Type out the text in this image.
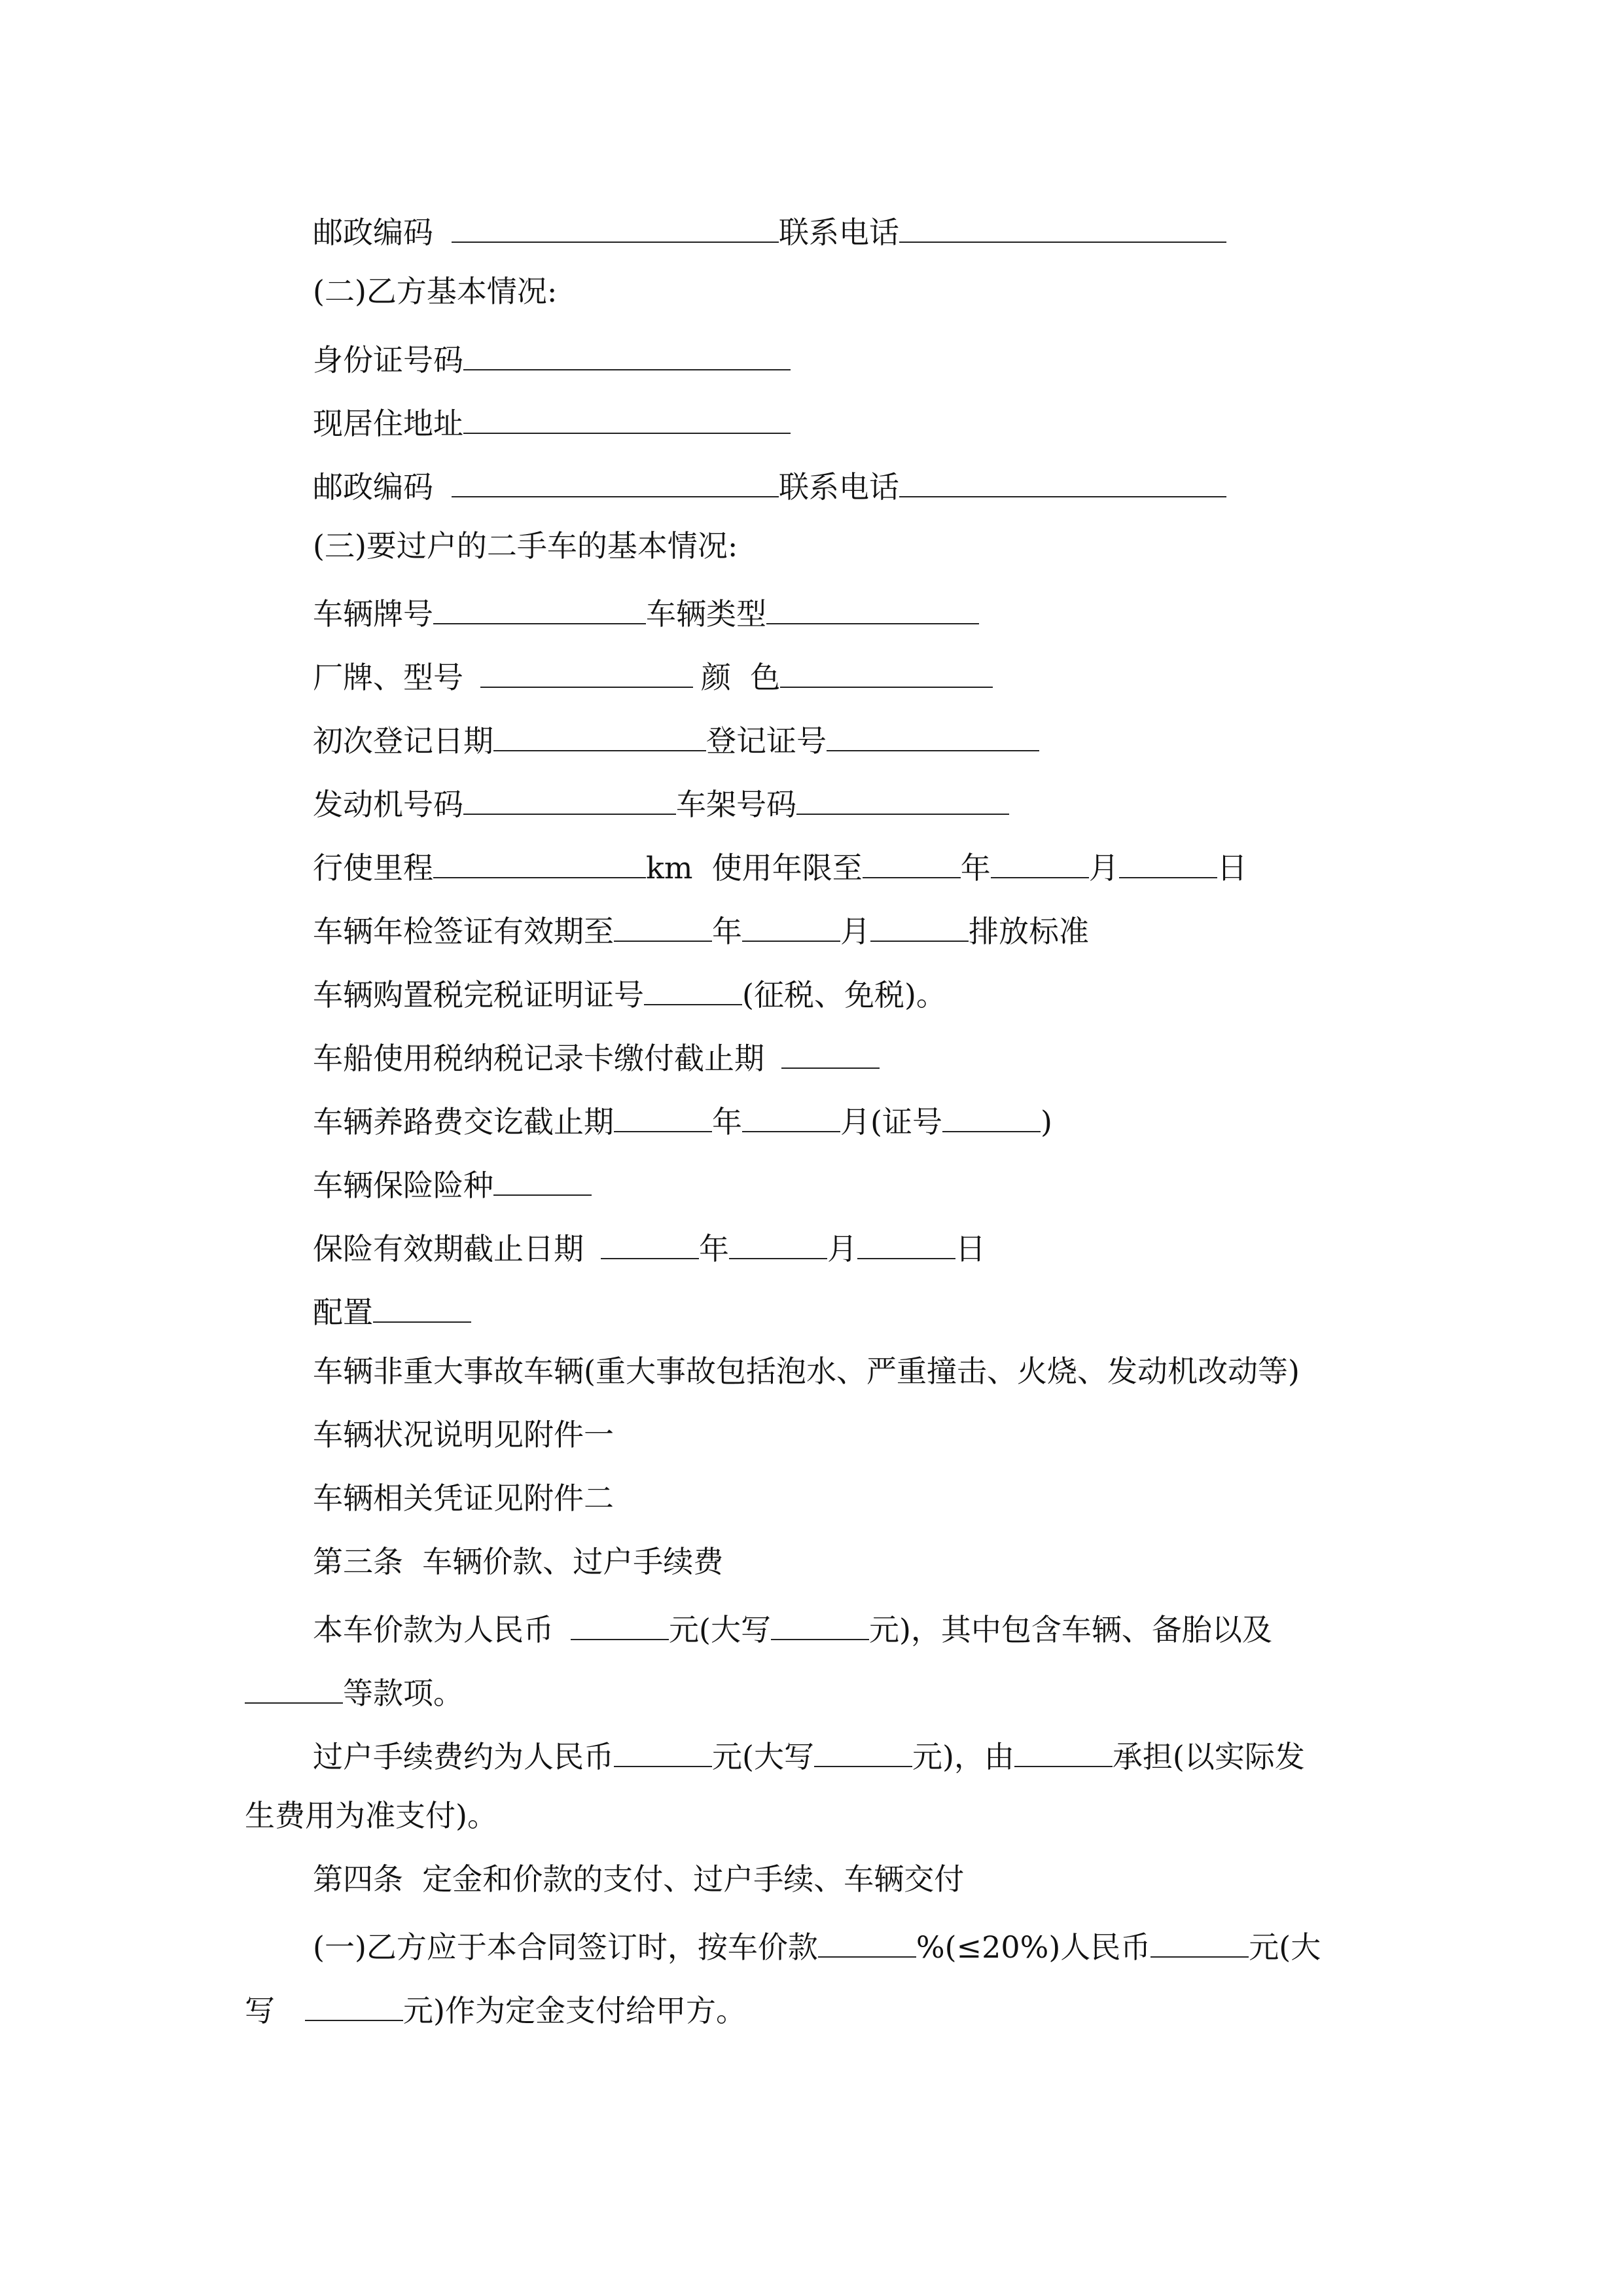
邮政编码	联系电话
(二)乙方基本情况:
身份证号码
现居住地址
邮政编码	联系电话
(三)要过户的二手车的基本情况:
车辆牌号	车辆类型
厂牌、型号	颜  色
初次登记日期	登记证号
发动机号码	车架号码
行使里程	km  使用年限至	年	月	日
车辆年检签证有效期至	年	月	排放标准
车辆购置税完税证明证号	(征税、免税)。
车船使用税纳税记录卡缴付截止期
车辆养路费交讫截止期	年	月(证号	)
车辆保险险种
保险有效期截止日期	年	月	日
配置
车辆非重大事故车辆(重大事故包括泡水、严重撞击、火烧、发动机改动等)
车辆状况说明见附件一
车辆相关凭证见附件二
第三条  车辆价款、过户手续费
本车价款为人民币	元(大写	元)，其中包含车辆、备胎以及
等款项。
过户手续费约为人民币	元(大写	元)，由	承担(以实际发
生费用为准支付)。
第四条  定金和价款的支付、过户手续、车辆交付
(一)乙方应于本合同签订时，按车价款	%(≤20%)人民币	元(大
写	元)作为定金支付给甲方。
